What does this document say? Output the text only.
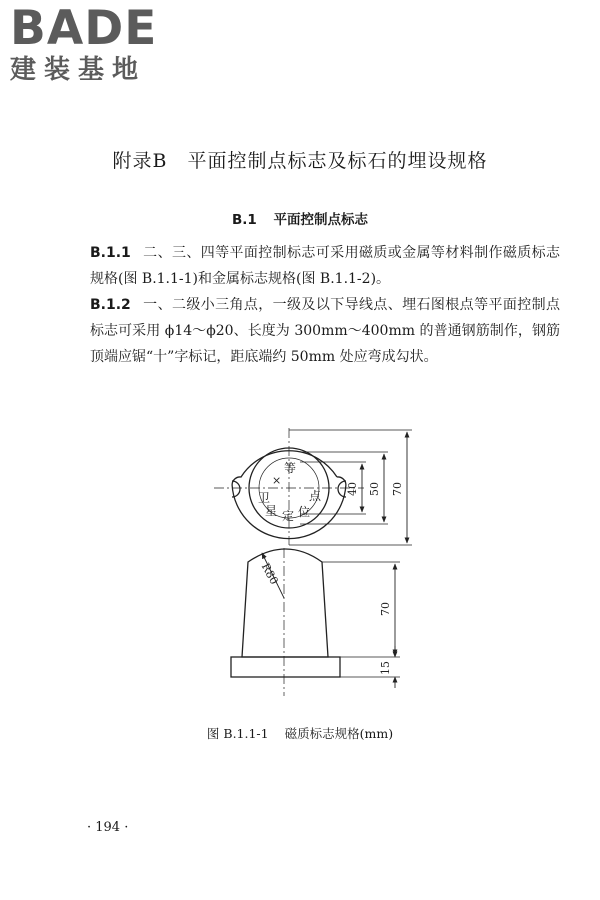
BADE
建装基地
附录B　平面控制点标志及标石的埋设规格
B.1 平面控制点标志
B.1.1 二、三、四等平面控制标志可采用磁质或金属等材料制作磁质标志规格(图 B.1.1-1)和金属标志规格(图 B.1.1-2)。
B.1.2 一、二级小三角点，一级及以下导线点、埋石图根点等平面控制点标志可采用 ϕ14～ϕ20、长度为 300mm～400mm 的普通钢筋制作，钢筋顶端应锯“十”字标记，距底端约 50mm 处应弯成勾状。
等
×
卫	点
星 定 位
R80
40 50 70
70
15
图 B.1.1-1 磁质标志规格(mm)
· 194 ·
